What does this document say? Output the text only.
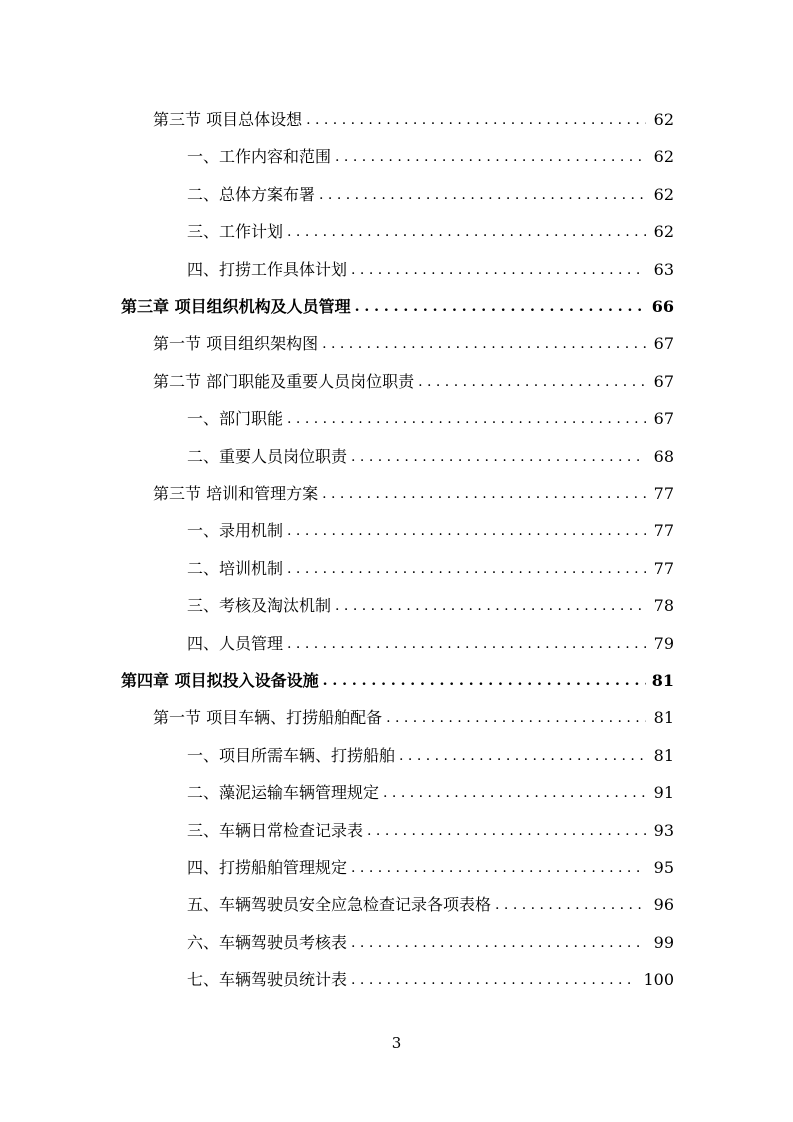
第三节 项目总体设想 . . .	62
一、工作内容和范围 . . .	62
二、总体方案布署 . . .	62
三、工作计划 . . .	62
四、打捞工作具体计划 . . .	63
第三章 项目组织机构及人员管理 . . .	66
第一节 项目组织架构图 . . .	67
第二节 部门职能及重要人员岗位职责 . . .	67
一、部门职能 . . .	67
二、重要人员岗位职责 . . .	68
第三节 培训和管理方案 . . .	77
一、录用机制 . . .	77
二、培训机制 . . .	77
三、考核及淘汰机制 . . .	78
四、人员管理 . . .	79
第四章 项目拟投入设备设施 . . .	81
第一节 项目车辆、打捞船舶配备 . . .	81
一、项目所需车辆、打捞船舶 . . .	81
二、藻泥运输车辆管理规定 . . .	91
三、车辆日常检查记录表 . . .	93
四、打捞船舶管理规定 . . .	95
五、车辆驾驶员安全应急检查记录各项表格 . . .	96
六、车辆驾驶员考核表 . . .	99
七、车辆驾驶员统计表 . . .	100
3
